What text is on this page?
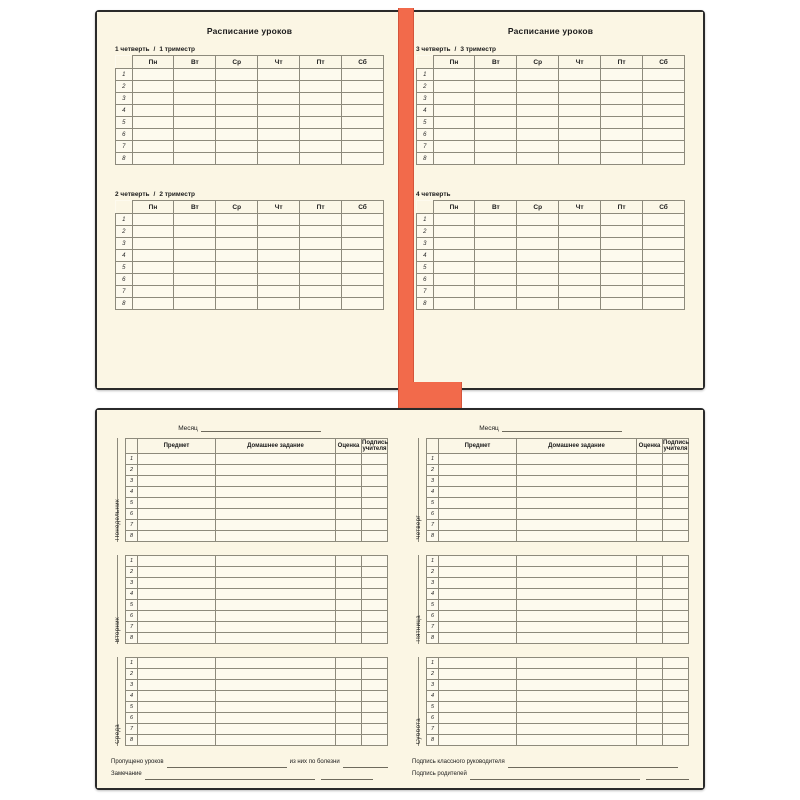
Расписание уроков
1 четверть / 1 триместр
	Пн	Вт	Ср	Чт	Пт	Сб
1						
2						
3						
4						
5						
6						
7						
8						
2 четверть / 2 триместр
	Пн	Вт	Ср	Чт	Пт	Сб
1						
2						
3						
4						
5						
6						
7						
8						
Расписание уроков
3 четверть / 3 триместр
	Пн	Вт	Ср	Чт	Пт	Сб
1						
2						
3						
4						
5						
6						
7						
8						
4 четверть
	Пн	Вт	Ср	Чт	Пт	Сб
1						
2						
3						
4						
5						
6						
7						
8						
Месяц
Понедельник
	Предмет	Домашнее задание	Оценка	Подпись
учителя
1				
2				
3				
4				
5				
6				
7				
8				
Вторник
1				
2				
3				
4				
5				
6				
7				
8				
Среда
1				
2				
3				
4				
5				
6				
7				
8				
Пропущено уроков	из них по болезни
Замечание
Месяц
Четверг
	Предмет	Домашнее задание	Оценка	Подпись
учителя
1				
2				
3				
4				
5				
6				
7				
8				
Пятница
1				
2				
3				
4				
5				
6				
7				
8				
Суббота
1				
2				
3				
4				
5				
6				
7				
8				
Подпись классного руководителя
Подпись родителей
